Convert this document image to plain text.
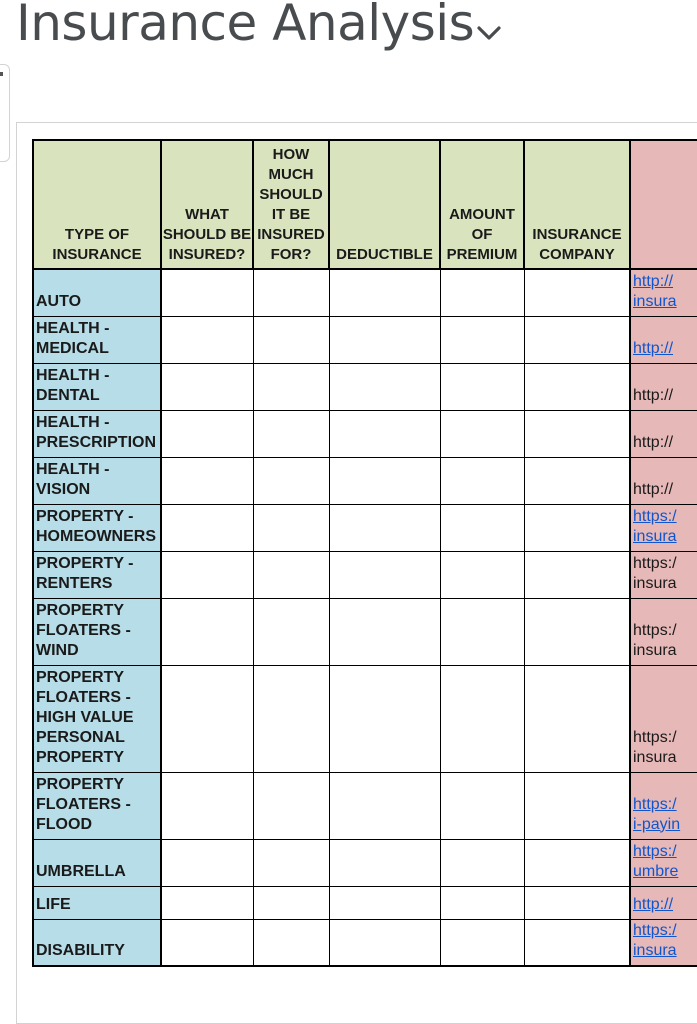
Insurance Analysis
TYPE OF INSURANCE	WHAT SHOULD BE INSURED?	HOW MUCH SHOULD IT BE INSURED FOR?	DEDUCTIBLE	AMOUNT OF PREMIUM	INSURANCE COMPANY	
AUTO						http://
insura

HEALTH - MEDICAL						http://

HEALTH - DENTAL						http://

HEALTH - PRESCRIPTION						http://

HEALTH - VISION						http://

PROPERTY - HOMEOWNERS						https:/
insura

PROPERTY - RENTERS						https:/
insura

PROPERTY FLOATERS - WIND						https:/
insura

PROPERTY FLOATERS - HIGH VALUE PERSONAL PROPERTY						https:/
insura

PROPERTY FLOATERS - FLOOD						https:/
i-payin

UMBRELLA						https:/
umbre

LIFE						http://

DISABILITY						https:/
insura
